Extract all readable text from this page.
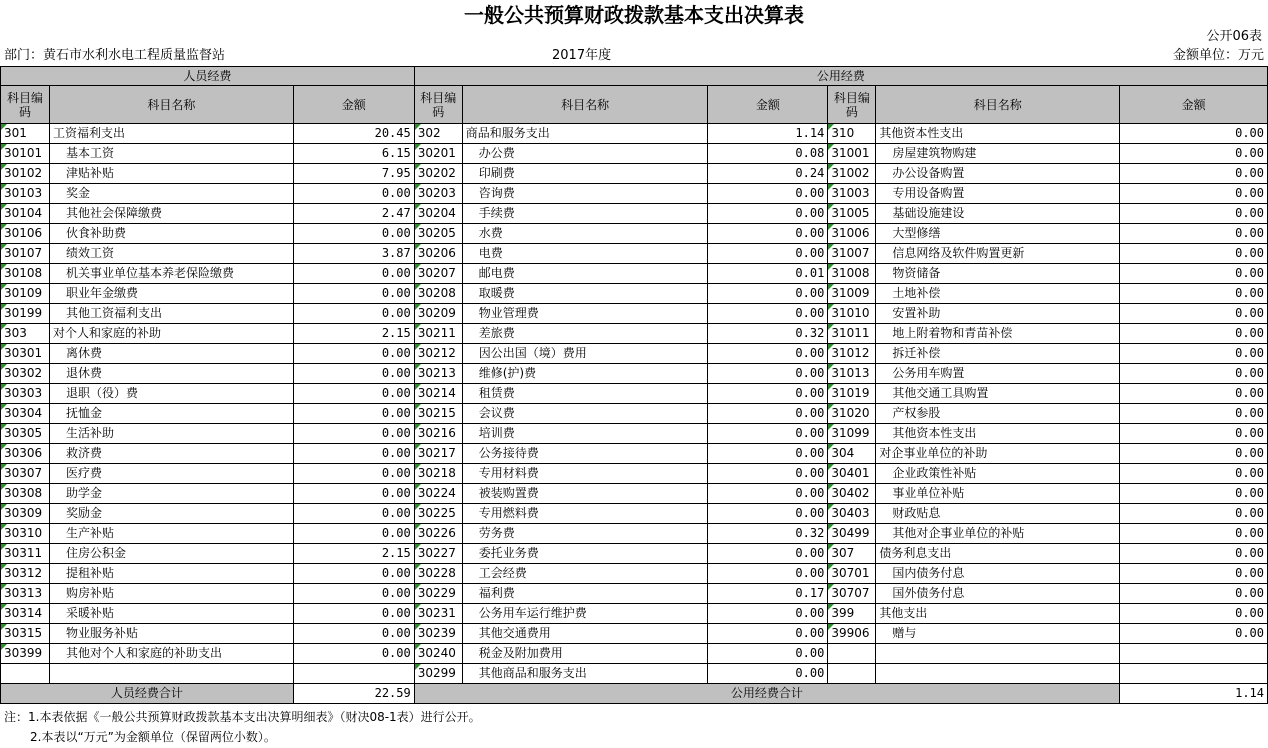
一般公共预算财政拨款基本支出决算表
公开06表
部门：黄石市水利水电工程质量监督站	2017年度	金额单位：万元
人员经费			公用经费					
科目编码	科目名称	金额	科目编码	科目名称	金额	科目编码	科目名称	金额
301	工资福利支出	20.45	302	商品和服务支出	1.14	310	其他资本性支出	0.00
30101	基本工资	6.15	30201	办公费	0.08	31001	房屋建筑物购建	0.00
30102	津贴补贴	7.95	30202	印刷费	0.24	31002	办公设备购置	0.00
30103	奖金	0.00	30203	咨询费	0.00	31003	专用设备购置	0.00
30104	其他社会保障缴费	2.47	30204	手续费	0.00	31005	基础设施建设	0.00
30106	伙食补助费	0.00	30205	水费	0.00	31006	大型修缮	0.00
30107	绩效工资	3.87	30206	电费	0.00	31007	信息网络及软件购置更新	0.00
30108	机关事业单位基本养老保险缴费	0.00	30207	邮电费	0.01	31008	物资储备	0.00
30109	职业年金缴费	0.00	30208	取暖费	0.00	31009	土地补偿	0.00
30199	其他工资福利支出	0.00	30209	物业管理费	0.00	31010	安置补助	0.00
303	对个人和家庭的补助	2.15	30211	差旅费	0.32	31011	地上附着物和青苗补偿	0.00
30301	离休费	0.00	30212	因公出国（境）费用	0.00	31012	拆迁补偿	0.00
30302	退休费	0.00	30213	维修(护)费	0.00	31013	公务用车购置	0.00
30303	退职（役）费	0.00	30214	租赁费	0.00	31019	其他交通工具购置	0.00
30304	抚恤金	0.00	30215	会议费	0.00	31020	产权参股	0.00
30305	生活补助	0.00	30216	培训费	0.00	31099	其他资本性支出	0.00
30306	救济费	0.00	30217	公务接待费	0.00	304	对企事业单位的补助	0.00
30307	医疗费	0.00	30218	专用材料费	0.00	30401	企业政策性补贴	0.00
30308	助学金	0.00	30224	被装购置费	0.00	30402	事业单位补贴	0.00
30309	奖励金	0.00	30225	专用燃料费	0.00	30403	财政贴息	0.00
30310	生产补贴	0.00	30226	劳务费	0.32	30499	其他对企事业单位的补贴	0.00
30311	住房公积金	2.15	30227	委托业务费	0.00	307	债务利息支出	0.00
30312	提租补贴	0.00	30228	工会经费	0.00	30701	国内债务付息	0.00
30313	购房补贴	0.00	30229	福利费	0.17	30707	国外债务付息	0.00
30314	采暖补贴	0.00	30231	公务用车运行维护费	0.00	399	其他支出	0.00
30315	物业服务补贴	0.00	30239	其他交通费用	0.00	39906	赠与	0.00
30399	其他对个人和家庭的补助支出	0.00	30240	税金及附加费用	0.00			
			30299	其他商品和服务支出	0.00			
人员经费合计		22.59	公用经费合计					1.14
注：1.本表依据《一般公共预算财政拨款基本支出决算明细表》（财决08-1表）进行公开。
2.本表以“万元”为金额单位（保留两位小数）。
